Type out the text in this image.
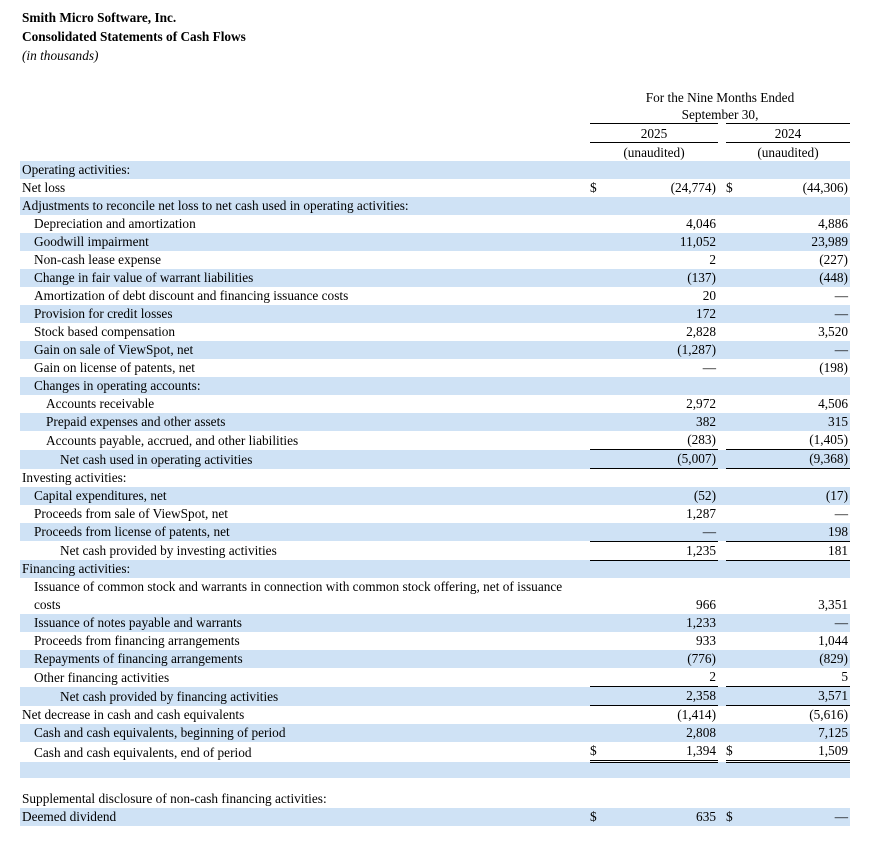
Smith Micro Software, Inc.
Consolidated Statements of Cash Flows
(in thousands)

	For the Nine Months Ended				
	September 30,				
	2025			2024	
	(unaudited)			(unaudited)	
Operating activities:					
Net loss	$	(24,774)		$	(44,306)
Adjustments to reconcile net loss to net cash used in operating activities:					
Depreciation and amortization		4,046			4,886
Goodwill impairment		11,052			23,989
Non-cash lease expense		2			(227)
Change in fair value of warrant liabilities		(137)			(448)
Amortization of debt discount and financing issuance costs		20			—
Provision for credit losses		172			—
Stock based compensation		2,828			3,520
Gain on sale of ViewSpot, net		(1,287)			—
Gain on license of patents, net		—			(198)
Changes in operating accounts:					
Accounts receivable		2,972			4,506
Prepaid expenses and other assets		382			315
Accounts payable, accrued, and other liabilities		(283)			(1,405)
Net cash used in operating activities		(5,007)			(9,368)
Investing activities:					
Capital expenditures, net		(52)			(17)
Proceeds from sale of ViewSpot, net		1,287			—
Proceeds from license of patents, net		—			198
Net cash provided by investing activities		1,235			181
Financing activities:					
Issuance of common stock and warrants in connection with common stock offering, net of issuance costs		966			3,351
Issuance of notes payable and warrants		1,233			—
Proceeds from financing arrangements		933			1,044
Repayments of financing arrangements		(776)			(829)
Other financing activities		2			5
Net cash provided by financing activities		2,358			3,571
Net decrease in cash and cash equivalents		(1,414)			(5,616)
Cash and cash equivalents, beginning of period		2,808			7,125
Cash and cash equivalents, end of period	$	1,394		$	1,509

Supplemental disclosure of non-cash financing activities:					
Deemed dividend	$	635		$	—
